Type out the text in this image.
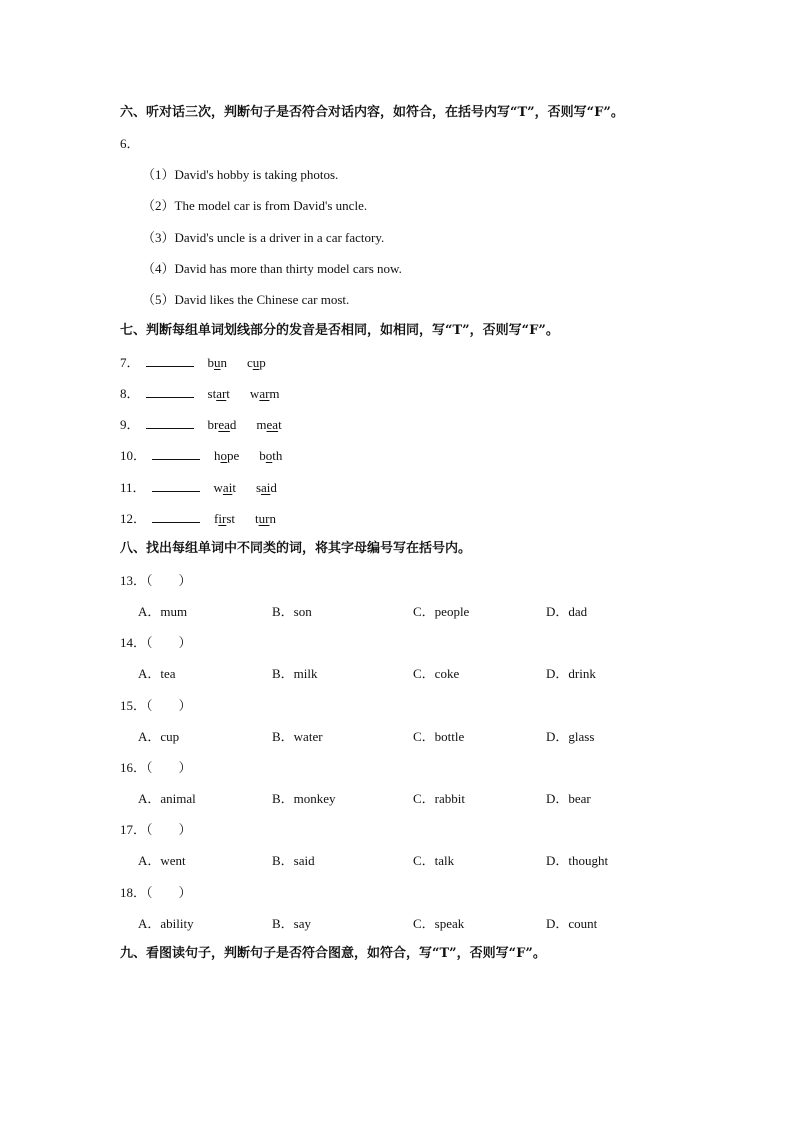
六、听对话三次，判断句子是否符合对话内容，如符合，在括号内写“T”，否则写“F”。
6．
（1）David's hobby is taking photos.
（2）The model car is from David's uncle.
（3）David's uncle is a driver in a car factory.
（4）David has more than thirty model cars now.
（5）David likes the Chinese car most.
七、判断每组单词划线部分的发音是否相同，如相同，写“T”，否则写“F”。
7．	bun cup
8．	start warm
9．	bread meat
10．	hope both
11．	wait said
12．	first turn
八、找出每组单词中不同类的词，将其字母编号写在括号内。
13．（　　）
A．mum	B．son	C．people	D．dad
14．（　　）
A．tea	B．milk	C．coke	D．drink
15．（　　）
A．cup	B．water	C．bottle	D．glass
16．（　　）
A．animal	B．monkey	C．rabbit	D．bear
17．（　　）
A．went	B．said	C．talk	D．thought
18．（　　）
A．ability	B．say	C．speak	D．count
九、看图读句子，判断句子是否符合图意，如符合，写“T”，否则写“F”。
